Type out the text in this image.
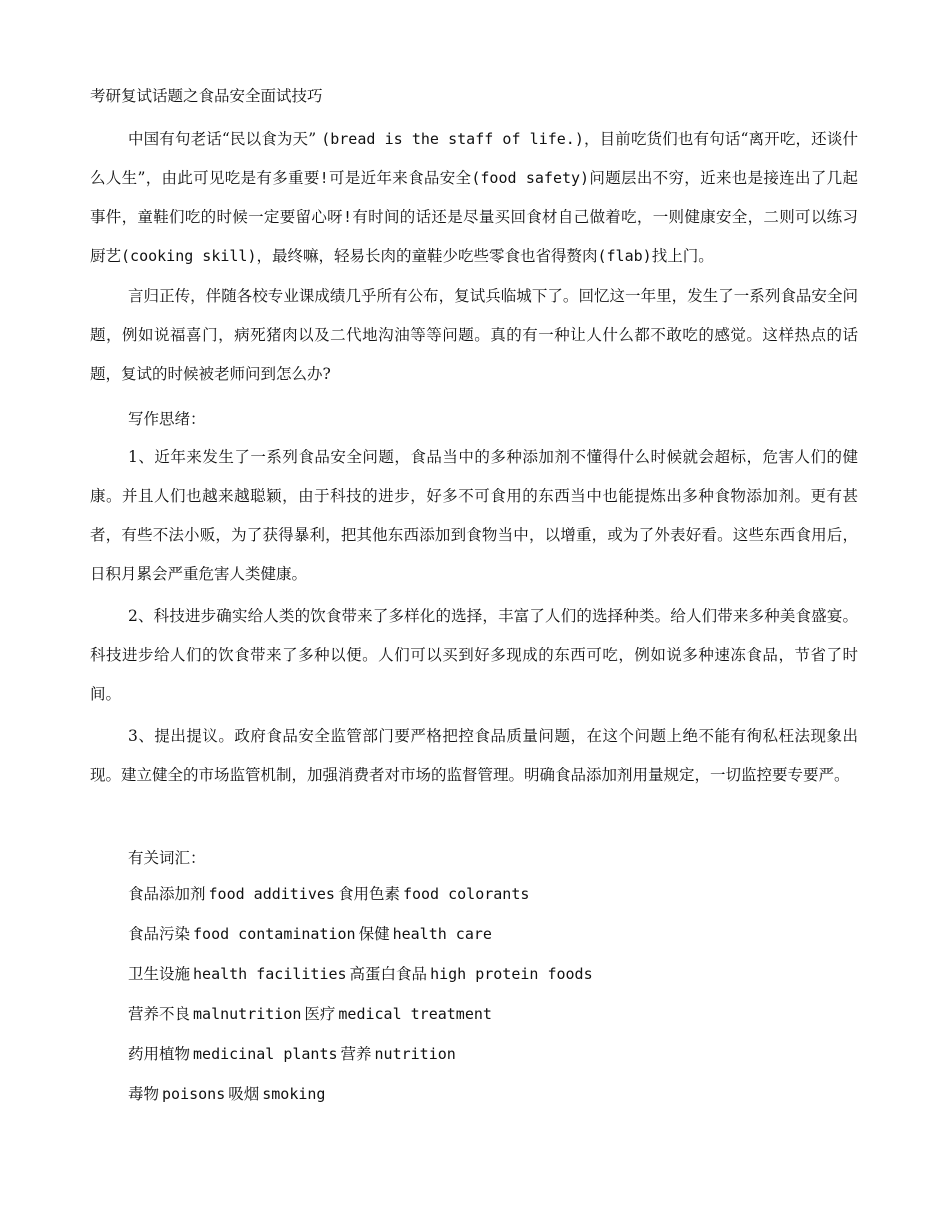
考研复试话题之食品安全面试技巧

中国有句老话“民以食为天” (bread is the staff of life.)，目前吃货们也有句话“离开吃，还谈什么人生”，由此可见吃是有多重要!可是近年来食品安全(food safety)问题层出不穷，近来也是接连出了几起事件，童鞋们吃的时候一定要留心呀!有时间的话还是尽量买回食材自己做着吃，一则健康安全，二则可以练习厨艺(cooking skill)，最终嘛，轻易长肉的童鞋少吃些零食也省得赘肉(flab)找上门。

言归正传，伴随各校专业课成绩几乎所有公布，复试兵临城下了。回忆这一年里，发生了一系列食品安全问题，例如说福喜门，病死猪肉以及二代地沟油等等问题。真的有一种让人什么都不敢吃的感觉。这样热点的话题，复试的时候被老师问到怎么办?

写作思绪：

1、近年来发生了一系列食品安全问题，食品当中的多种添加剂不懂得什么时候就会超标，危害人们的健康。并且人们也越来越聪颖，由于科技的进步，好多不可食用的东西当中也能提炼出多种食物添加剂。更有甚者，有些不法小贩，为了获得暴利，把其他东西添加到食物当中，以增重，或为了外表好看。这些东西食用后，日积月累会严重危害人类健康。

2、科技进步确实给人类的饮食带来了多样化的选择，丰富了人们的选择种类。给人们带来多种美食盛宴。科技进步给人们的饮食带来了多种以便。人们可以买到好多现成的东西可吃，例如说多种速冻食品，节省了时间。

3、提出提议。政府食品安全监管部门要严格把控食品质量问题，在这个问题上绝不能有徇私枉法现象出现。建立健全的市场监管机制，加强消费者对市场的监督管理。明确食品添加剂用量规定，一切监控要专要严。

有关词汇：

食品添加剂 food additives 食用色素 food colorants

食品污染 food contamination 保健 health care

卫生设施 health facilities 高蛋白食品 high protein foods

营养不良 malnutrition 医疗 medical treatment

药用植物 medicinal plants 营养 nutrition

毒物 poisons 吸烟 smoking
